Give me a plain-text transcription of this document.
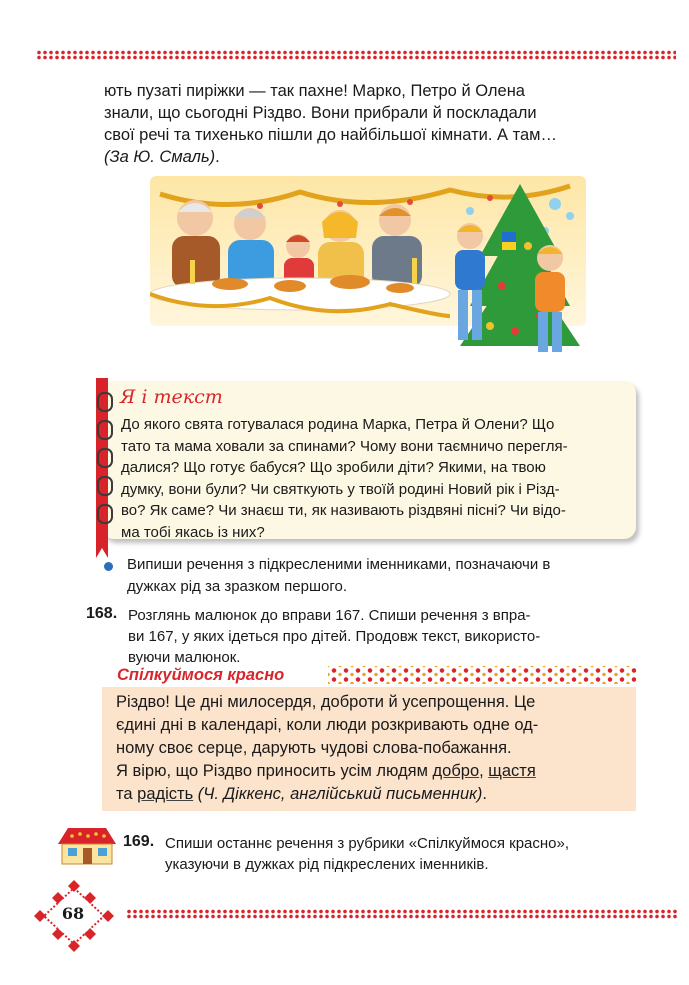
ють пузаті пиріжки — так пахне! Марко, Петро й Олена

знали, що сьогодні Різдво. Вони прибрали й поскладали

свої речі та тихенько пішли до найбільшої кімнати. А там…

(За Ю. Смаль).

Я і текст

До якого свята готувалася родина Марка, Петра й Олени? Що

тато та мама ховали за спинами? Чому вони таємничо перегля-

далися? Що готує бабуся? Що зробили діти? Якими, на твою

думку, вони були? Чи святкують у твоїй родині Новий рік і Різд-

во? Як саме? Чи знаєш ти, як називають різдвяні пісні? Чи відо-

ма тобі якась із них?

Випиши речення з підкресленими іменниками, позначаючи в

дужках рід за зразком першого.

168. Розглянь малюнок до вправи 167. Спиши речення з впра-

ви 167, у яких ідеться про дітей. Продовж текст, використо-

вуючи малюнок.

Спілкуймося красно

Різдво! Це дні милосердя, доброти й усепрощення. Це

єдині дні в календарі, коли люди розкривають одне од-

ному своє серце, дарують чудові слова-побажання.

Я вірю, що Різдво приносить усім людям добро, щастя

та радість (Ч. Діккенс, англійський письменник).

169. Спиши останнє речення з рубрики «Спілкуймося красно»,

указуючи в дужках рід підкреслених іменників.

68
